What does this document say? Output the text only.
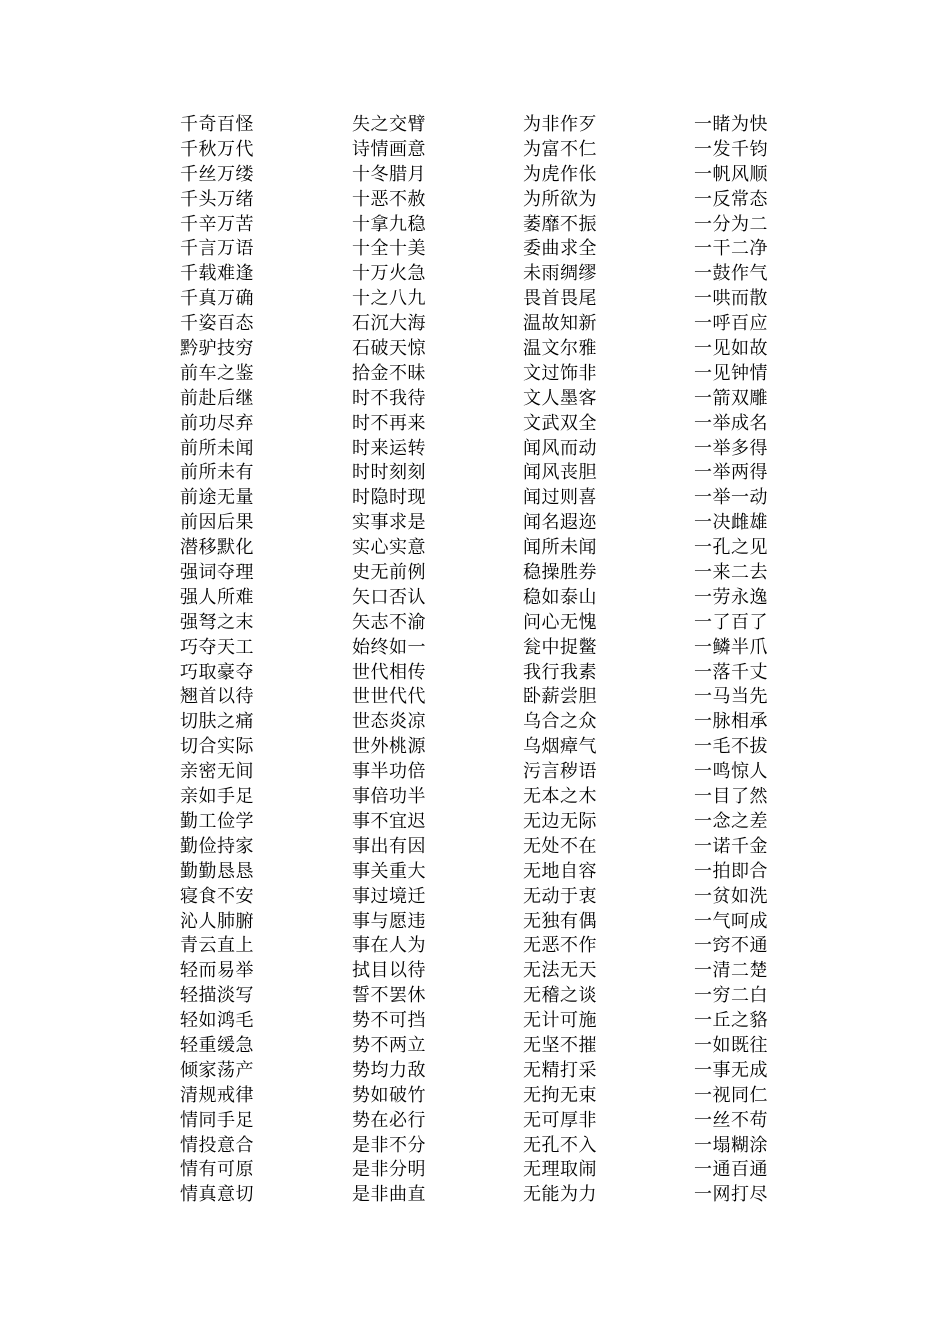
千奇百怪
千秋万代
千丝万缕
千头万绪
千辛万苦
千言万语
千载难逢
千真万确
千姿百态
黔驴技穷
前车之鉴
前赴后继
前功尽弃
前所未闻
前所未有
前途无量
前因后果
潜移默化
强词夺理
强人所难
强弩之末
巧夺天工
巧取豪夺
翘首以待
切肤之痛
切合实际
亲密无间
亲如手足
勤工俭学
勤俭持家
勤勤恳恳
寝食不安
沁人肺腑
青云直上
轻而易举
轻描淡写
轻如鸿毛
轻重缓急
倾家荡产
清规戒律
情同手足
情投意合
情有可原
情真意切
失之交臂
诗情画意
十冬腊月
十恶不赦
十拿九稳
十全十美
十万火急
十之八九
石沉大海
石破天惊
拾金不昧
时不我待
时不再来
时来运转
时时刻刻
时隐时现
实事求是
实心实意
史无前例
矢口否认
矢志不渝
始终如一
世代相传
世世代代
世态炎凉
世外桃源
事半功倍
事倍功半
事不宜迟
事出有因
事关重大
事过境迁
事与愿违
事在人为
拭目以待
誓不罢休
势不可挡
势不两立
势均力敌
势如破竹
势在必行
是非不分
是非分明
是非曲直
为非作歹
为富不仁
为虎作伥
为所欲为
萎靡不振
委曲求全
未雨绸缪
畏首畏尾
温故知新
温文尔雅
文过饰非
文人墨客
文武双全
闻风而动
闻风丧胆
闻过则喜
闻名遐迩
闻所未闻
稳操胜券
稳如泰山
问心无愧
瓮中捉鳖
我行我素
卧薪尝胆
乌合之众
乌烟瘴气
污言秽语
无本之木
无边无际
无处不在
无地自容
无动于衷
无独有偶
无恶不作
无法无天
无稽之谈
无计可施
无坚不摧
无精打采
无拘无束
无可厚非
无孔不入
无理取闹
无能为力
一睹为快
一发千钧
一帆风顺
一反常态
一分为二
一干二净
一鼓作气
一哄而散
一呼百应
一见如故
一见钟情
一箭双雕
一举成名
一举多得
一举两得
一举一动
一决雌雄
一孔之见
一来二去
一劳永逸
一了百了
一鳞半爪
一落千丈
一马当先
一脉相承
一毛不拔
一鸣惊人
一目了然
一念之差
一诺千金
一拍即合
一贫如洗
一气呵成
一窍不通
一清二楚
一穷二白
一丘之貉
一如既往
一事无成
一视同仁
一丝不苟
一塌糊涂
一通百通
一网打尽
